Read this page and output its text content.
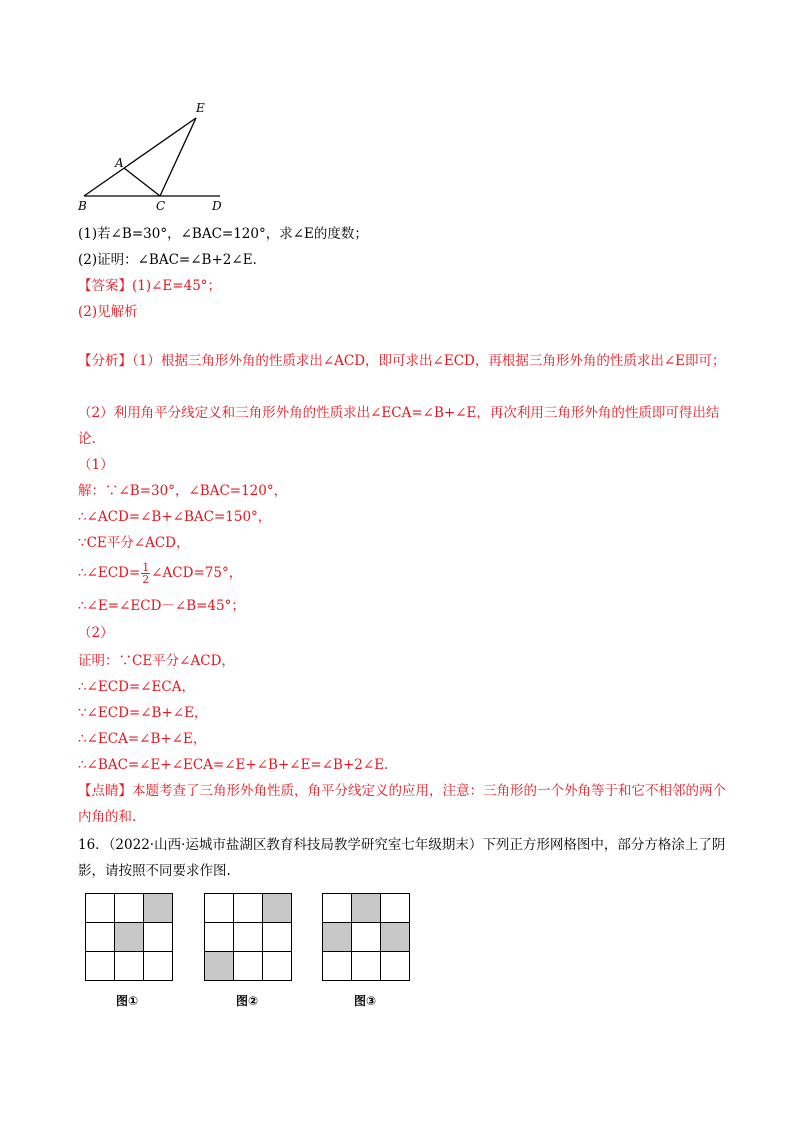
E
A
B	C	D
(1)若∠B=30°，∠BAC=120°，求∠E的度数；
(2)证明：∠BAC=∠B+2∠E.
【答案】(1)∠E=45°；
(2)见解析
【分析】（1）根据三角形外角的性质求出∠ACD，即可求出∠ECD，再根据三角形外角的性质求出∠E即可；
（2）利用角平分线定义和三角形外角的性质求出∠ECA=∠B+∠E，再次利用三角形外角的性质即可得出结论.
（1）
解：∵∠B=30°，∠BAC=120°，
∴∠ACD=∠B+∠BAC=150°，
∵CE平分∠ACD，
∴∠ECD= $\frac{1}{2}$ ∠ACD=75°，
∴∠E=∠ECD－∠B=45°；
（2）
证明：∵CE平分∠ACD，
∴∠ECD=∠ECA，
∵∠ECD=∠B+∠E，
∴∠ECA=∠B+∠E，
∴∠BAC=∠E+∠ECA=∠E+∠B+∠E=∠B+2∠E.
【点睛】本题考查了三角形外角性质，角平分线定义的应用，注意：三角形的一个外角等于和它不相邻的两个内角的和.
16．（2022·山西·运城市盐湖区教育科技局教学研究室七年级期末）下列正方形网格图中，部分方格涂上了阴影，请按照不同要求作图.

图①	图②	图③
